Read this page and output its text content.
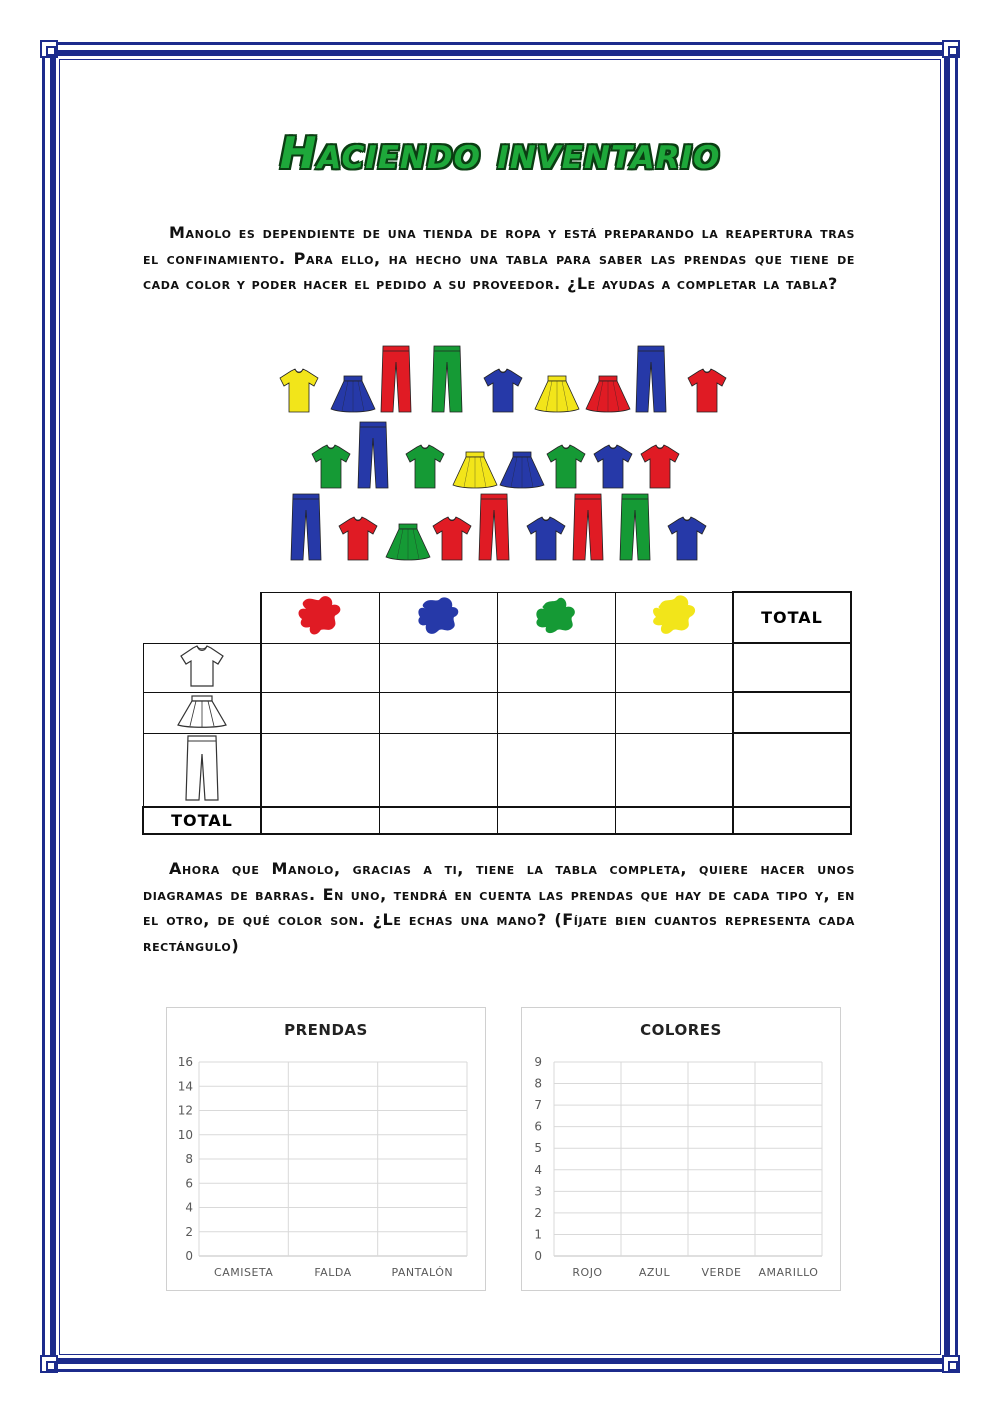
Haciendo inventario
Manolo es dependiente de una tienda de ropa y está preparando la reapertura tras el confinamiento. Para ello, ha hecho una tabla para saber las prendas que tiene de cada color y poder hacer el pedido a su proveedor. ¿Le ayudas a completar la tabla?
					TOTAL

TOTAL					
Ahora que Manolo, gracias a ti, tiene la tabla completa, quiere hacer unos diagramas de barras. En uno, tendrá en cuenta las prendas que hay de cada tipo y, en el otro, de qué color son. ¿Le echas una mano? (Fíjate bien cuantos representa cada rectángulo)
PRENDAS
0
2
4
6
8
10
12
14
16
CAMISETA	FALDA	PANTALÓN
COLORES
0
1
2
3
4
5
6
7
8
9
ROJO	AZUL	VERDE AMARILLO
